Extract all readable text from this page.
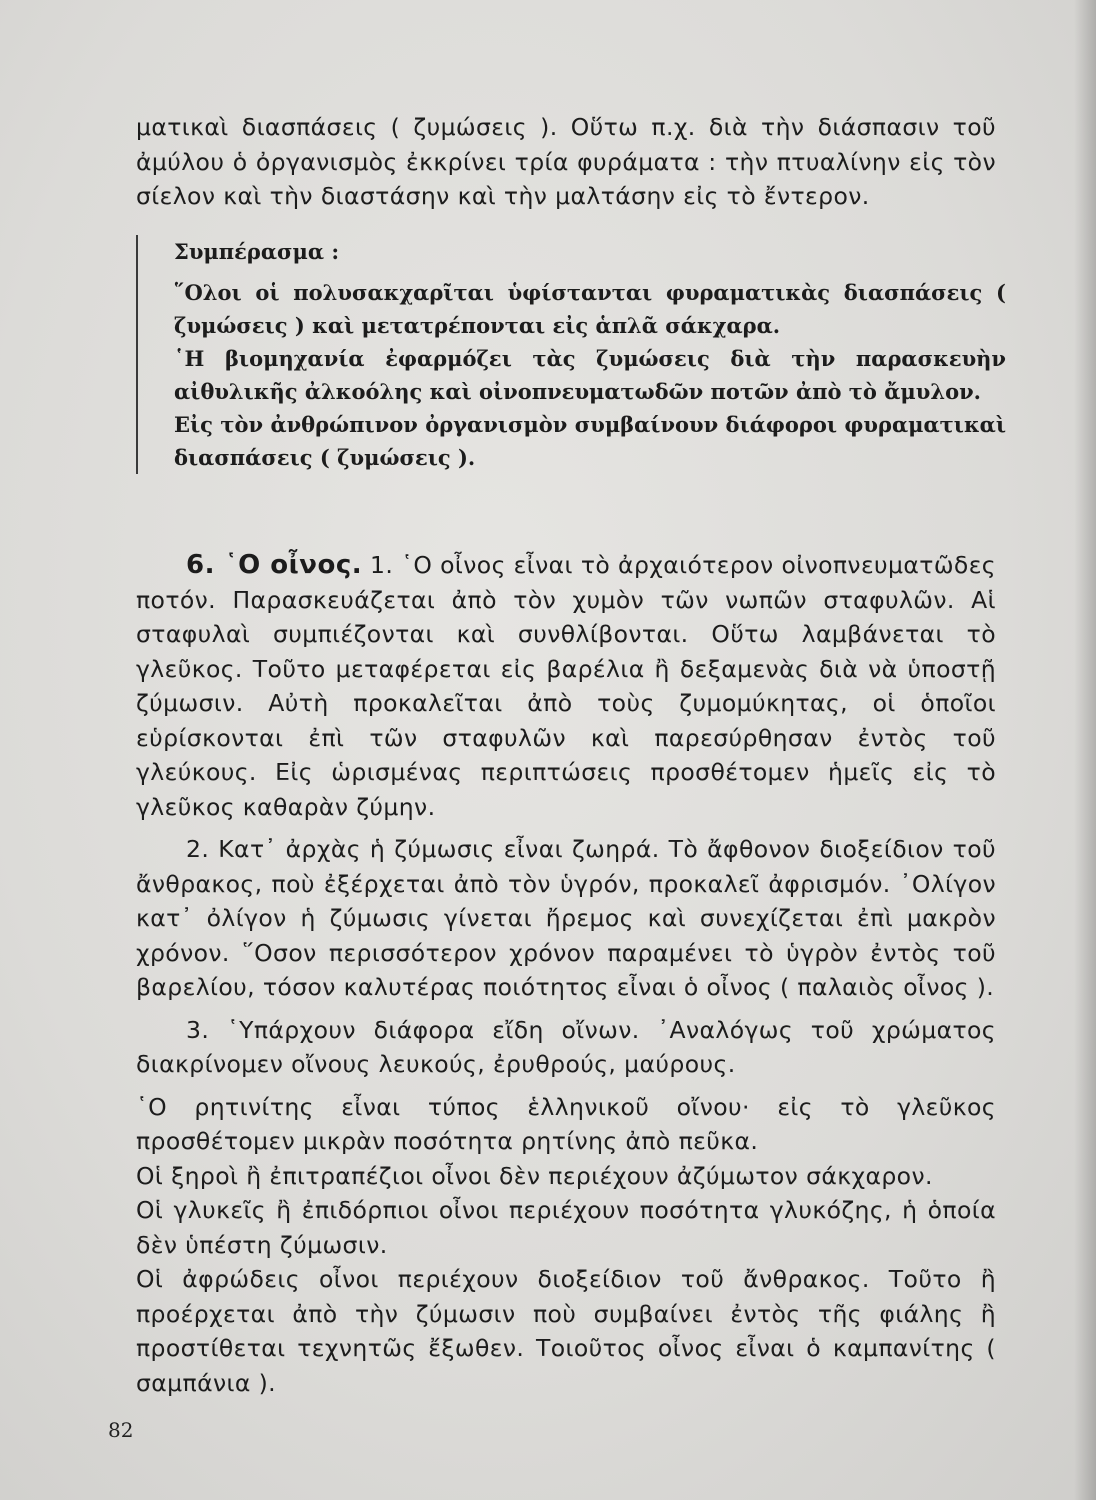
ματικαὶ διασπάσεις ( ζυμώσεις ). Οὕτω π.χ. διὰ τὴν διάσπασιν τοῦ ἀμύλου ὁ ὀργανισμὸς ἐκκρίνει τρία φυράματα : τὴν πτυαλίνην εἰς τὸν σίελον καὶ τὴν διαστάσην καὶ τὴν μαλτάσην εἰς τὸ ἔντερον.

Συμπέρασμα :

῞Ολοι οἱ πολυσακχαρῖται ὑφίστανται φυραματικὰς διασπάσεις ( ζυμώσεις ) καὶ μετατρέπονται εἰς ἁπλᾶ σάκχαρα.

῾Η βιομηχανία ἐφαρμόζει τὰς ζυμώσεις διὰ τὴν παρασκευὴν αἰθυλικῆς ἀλκοόλης καὶ οἰνοπνευματωδῶν ποτῶν ἀπὸ τὸ ἄμυλον.

Εἰς τὸν ἀνθρώπινον ὀργανισμὸν συμβαίνουν διάφοροι φυραματικαὶ διασπάσεις ( ζυμώσεις ).

6. ῾Ο οἶνος. 1. ῾Ο οἶνος εἶναι τὸ ἀρχαιότερον οἰνοπνευματῶδες ποτόν. Παρασκευάζεται ἀπὸ τὸν χυμὸν τῶν νωπῶν σταφυλῶν. Αἱ σταφυλαὶ συμπιέζονται καὶ συνθλίβονται. Οὕτω λαμβάνεται τὸ γλεῦκος. Τοῦτο μεταφέρεται εἰς βαρέλια ἢ δεξαμενὰς διὰ νὰ ὑποστῇ ζύμωσιν. Αὐτὴ προκαλεῖται ἀπὸ τοὺς ζυμομύκητας, οἱ ὁποῖοι εὑρίσκονται ἐπὶ τῶν σταφυλῶν καὶ παρεσύρθησαν ἐντὸς τοῦ γλεύκους. Εἰς ὡρισμένας περιπτώσεις προσθέτομεν ἡμεῖς εἰς τὸ γλεῦκος καθαρὰν ζύμην.

2. Κατ᾽ ἀρχὰς ἡ ζύμωσις εἶναι ζωηρά. Τὸ ἄφθονον διοξείδιον τοῦ ἄνθρακος, ποὺ ἐξέρχεται ἀπὸ τὸν ὑγρόν, προκαλεῖ ἀφρισμόν. ᾿Ολίγον κατ᾽ ὀλίγον ἡ ζύμωσις γίνεται ἤρεμος καὶ συνεχίζεται ἐπὶ μακρὸν χρόνον. ῞Οσον περισσότερον χρόνον παραμένει τὸ ὑγρὸν ἐντὸς τοῦ βαρελίου, τόσον καλυτέρας ποιότητος εἶναι ὁ οἶνος ( παλαιὸς οἶνος ).

3. ῾Υπάρχουν διάφορα εἴδη οἴνων. ᾿Αναλόγως τοῦ χρώματος διακρίνομεν οἴνους λευκούς, ἐρυθρούς, μαύρους.

῾Ο ρητινίτης εἶναι τύπος ἑλληνικοῦ οἴνου· εἰς τὸ γλεῦκος προσθέτομεν μικρὰν ποσότητα ρητίνης ἀπὸ πεῦκα.

Οἱ ξηροὶ ἢ ἐπιτραπέζιοι οἶνοι δὲν περιέχουν ἀζύμωτον σάκχαρον.

Οἱ γλυκεῖς ἢ ἐπιδόρπιοι οἶνοι περιέχουν ποσότητα γλυκόζης, ἡ ὁποία δὲν ὑπέστη ζύμωσιν.

Οἱ ἀφρώδεις οἶνοι περιέχουν διοξείδιον τοῦ ἄνθρακος. Τοῦτο ἢ προέρχεται ἀπὸ τὴν ζύμωσιν ποὺ συμβαίνει ἐντὸς τῆς φιάλης ἢ προστίθεται τεχνητῶς ἔξωθεν. Τοιοῦτος οἶνος εἶναι ὁ καμπανίτης ( σαμπάνια ).

82
